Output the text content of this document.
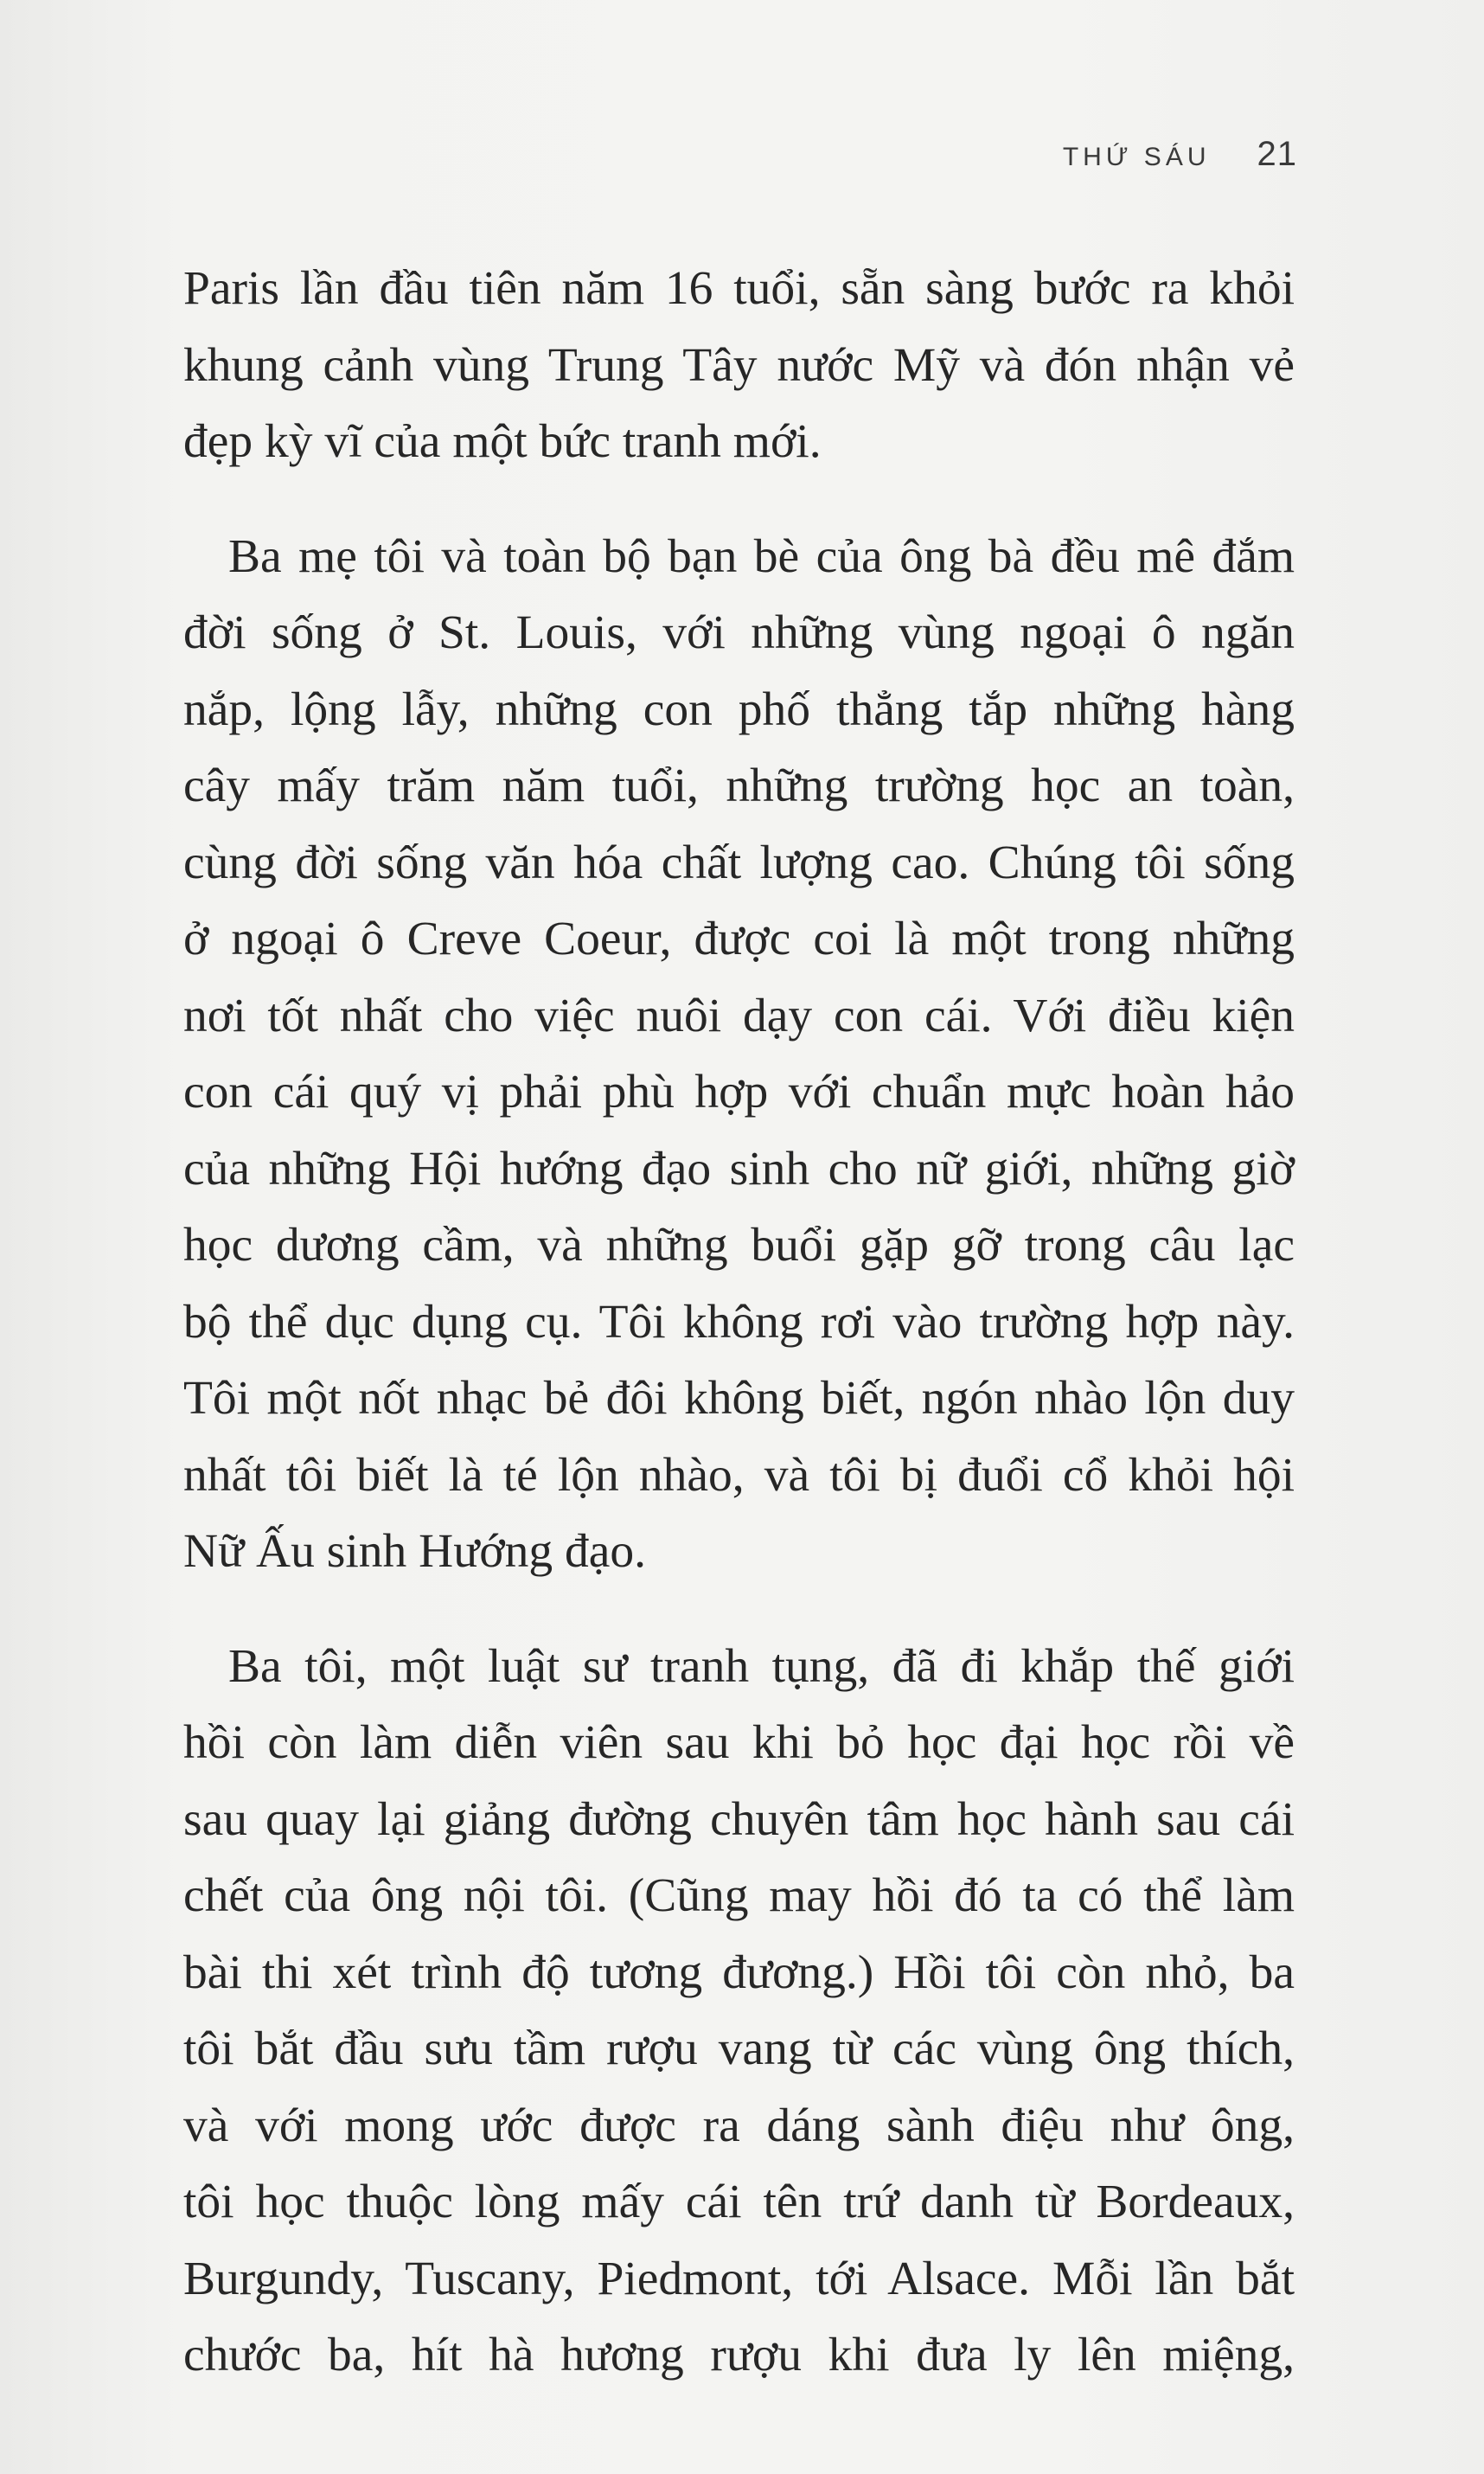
THỨ SÁU 21
Paris lần đầu tiên năm 16 tuổi, sẵn sàng bước ra khỏi
khung cảnh vùng Trung Tây nước Mỹ và đón nhận vẻ
đẹp kỳ vĩ của một bức tranh mới.
Ba mẹ tôi và toàn bộ bạn bè của ông bà đều mê đắm
đời sống ở St. Louis, với những vùng ngoại ô ngăn
nắp, lộng lẫy, những con phố thẳng tắp những hàng
cây mấy trăm năm tuổi, những trường học an toàn,
cùng đời sống văn hóa chất lượng cao. Chúng tôi sống
ở ngoại ô Creve Coeur, được coi là một trong những
nơi tốt nhất cho việc nuôi dạy con cái. Với điều kiện
con cái quý vị phải phù hợp với chuẩn mực hoàn hảo
của những Hội hướng đạo sinh cho nữ giới, những giờ
học dương cầm, và những buổi gặp gỡ trong câu lạc
bộ thể dục dụng cụ. Tôi không rơi vào trường hợp này.
Tôi một nốt nhạc bẻ đôi không biết, ngón nhào lộn duy
nhất tôi biết là té lộn nhào, và tôi bị đuổi cổ khỏi hội
Nữ Ấu sinh Hướng đạo.
Ba tôi, một luật sư tranh tụng, đã đi khắp thế giới
hồi còn làm diễn viên sau khi bỏ học đại học rồi về
sau quay lại giảng đường chuyên tâm học hành sau cái
chết của ông nội tôi. (Cũng may hồi đó ta có thể làm
bài thi xét trình độ tương đương.) Hồi tôi còn nhỏ, ba
tôi bắt đầu sưu tầm rượu vang từ các vùng ông thích,
và với mong ước được ra dáng sành điệu như ông,
tôi học thuộc lòng mấy cái tên trứ danh từ Bordeaux,
Burgundy, Tuscany, Piedmont, tới Alsace. Mỗi lần bắt
chước ba, hít hà hương rượu khi đưa ly lên miệng,
